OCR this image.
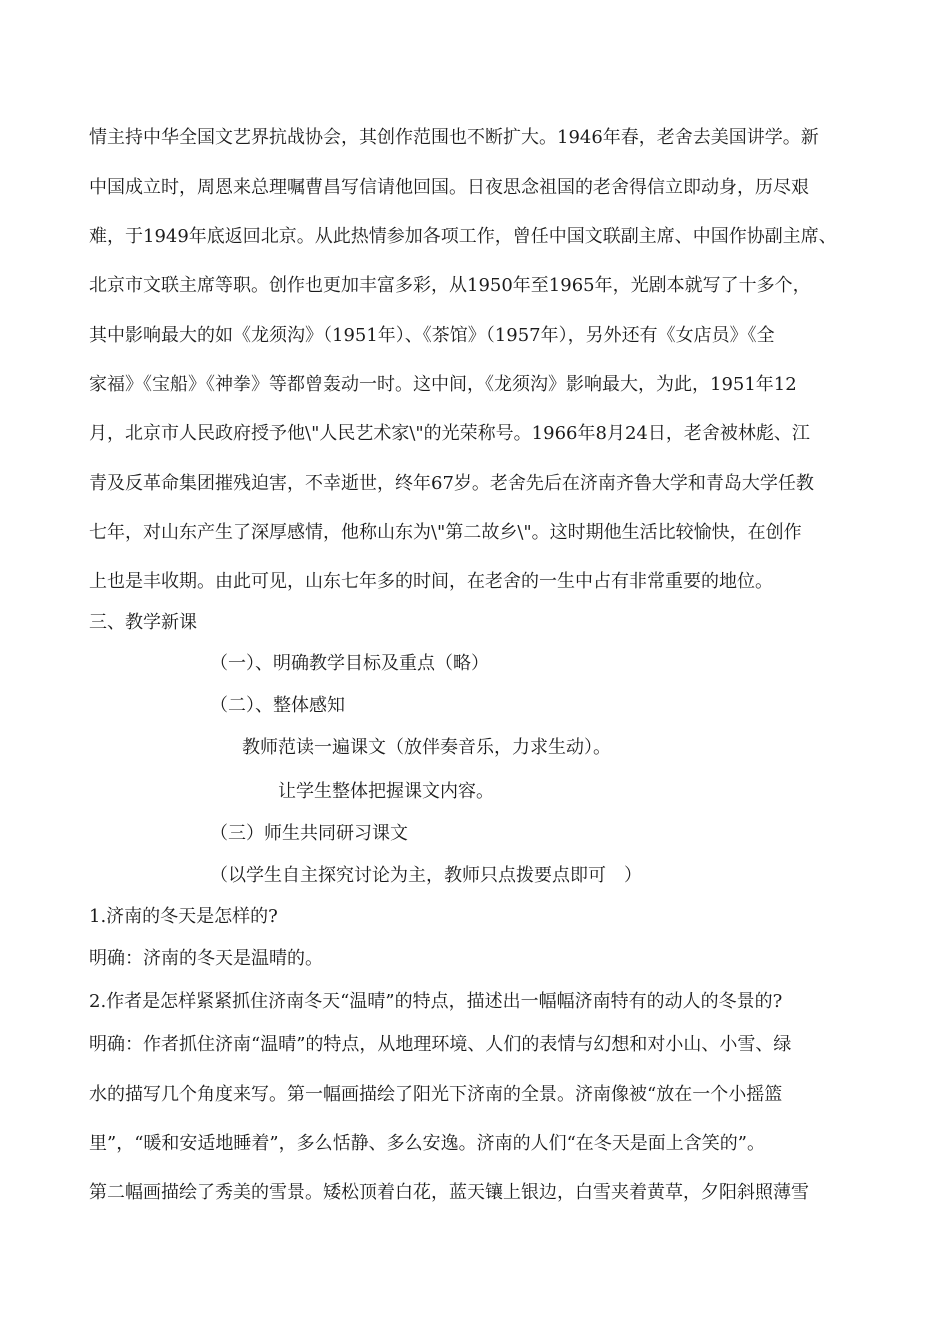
情主持中华全国文艺界抗战协会，其创作范围也不断扩大。1946年春，老舍去美国讲学。新
中国成立时，周恩来总理嘱曹昌写信请他回国。日夜思念祖国的老舍得信立即动身，历尽艰
难，于1949年底返回北京。从此热情参加各项工作，曾任中国文联副主席、中国作协副主席、
北京市文联主席等职。创作也更加丰富多彩，从1950年至1965年，光剧本就写了十多个，
其中影响最大的如《龙须沟》（1951年）、《茶馆》（1957年），另外还有《女店员》《全
家福》《宝船》《神拳》等都曾轰动一时。这中间，《龙须沟》影响最大，为此，1951年12
月，北京市人民政府授予他\"人民艺术家\"的光荣称号。1966年8月24日，老舍被林彪、江
青及反革命集团摧残迫害，不幸逝世，终年67岁。老舍先后在济南齐鲁大学和青岛大学任教
七年，对山东产生了深厚感情，他称山东为\"第二故乡\"。这时期他生活比较愉快，在创作
上也是丰收期。由此可见，山东七年多的时间，在老舍的一生中占有非常重要的地位。
三、教学新课
（一）、明确教学目标及重点（略）
（二）、整体感知
教师范读一遍课文（放伴奏音乐，力求生动）。
让学生整体把握课文内容。
（三）师生共同研习课文
（以学生自主探究讨论为主，教师只点拨要点即可　）
1.济南的冬天是怎样的?
明确：济南的冬天是温晴的。
2.作者是怎样紧紧抓住济南冬天“温晴”的特点，描述出一幅幅济南特有的动人的冬景的?
明确：作者抓住济南“温晴”的特点，从地理环境、人们的表情与幻想和对小山、小雪、绿
水的描写几个角度来写。第一幅画描绘了阳光下济南的全景。济南像被“放在一个小摇篮
里”，“暖和安适地睡着”，多么恬静、多么安逸。济南的人们“在冬天是面上含笑的”。
第二幅画描绘了秀美的雪景。矮松顶着白花，蓝天镶上银边，白雪夹着黄草，夕阳斜照薄雪
